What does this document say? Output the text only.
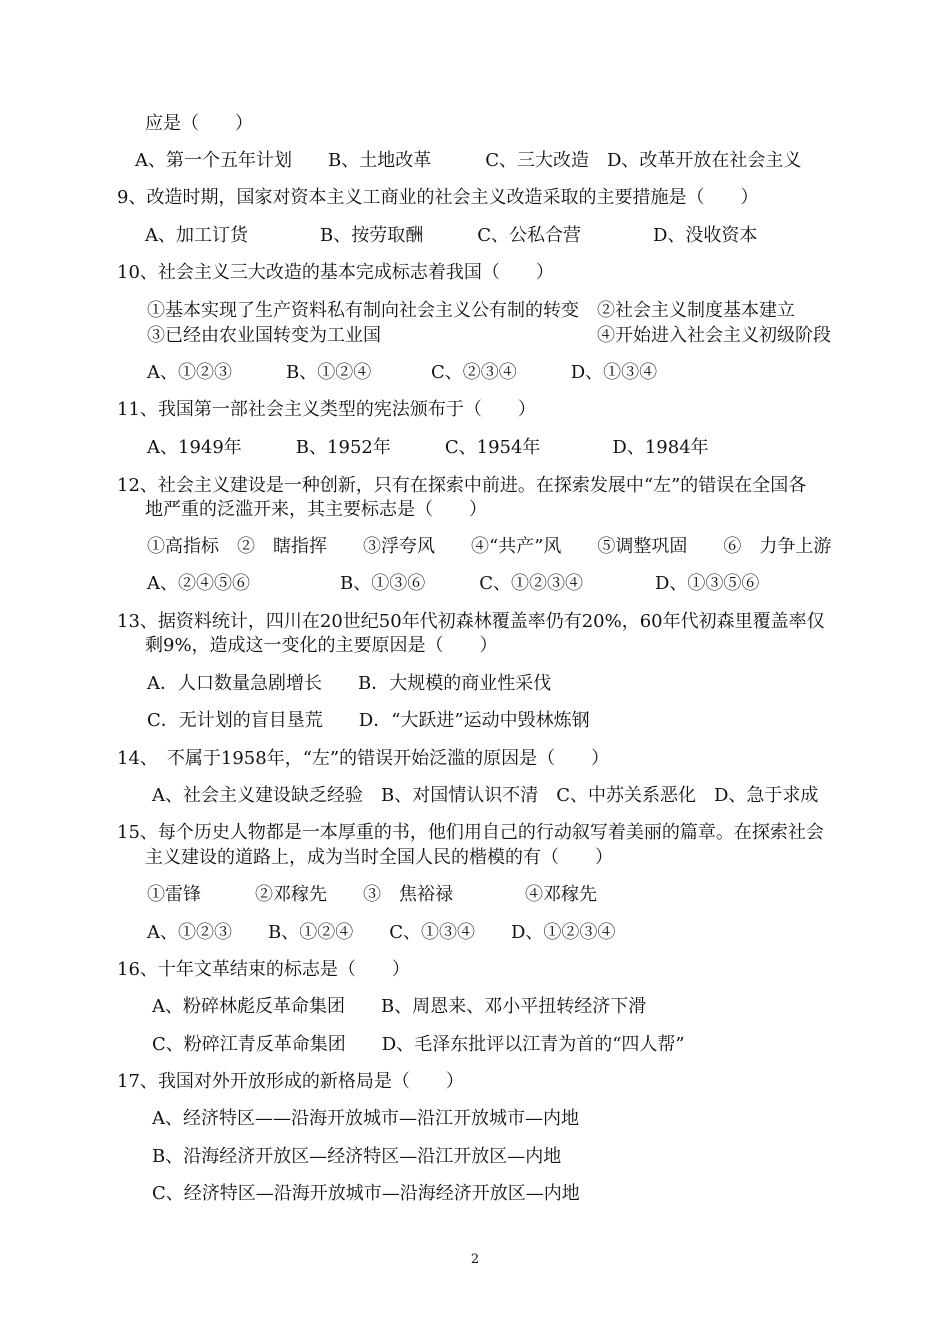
应是（　　）
A、第一个五年计划　　B、土地改革　　　C、三大改造　D、改革开放在社会主义
9、改造时期，国家对资本主义工商业的社会主义改造采取的主要措施是（　　）
A、加工订货　　　　B、按劳取酬　　　C、公私合营　　　　D、没收资本
10、社会主义三大改造的基本完成标志着我国（　　）
①基本实现了生产资料私有制向社会主义公有制的转变　②社会主义制度基本建立
③已经由农业国转变为工业国　　　　　　　　　　　　④开始进入社会主义初级阶段
A、①②③　　　B、①②④　　　 C、②③④　　　D、①③④
11、我国第一部社会主义类型的宪法颁布于（　　）
A、1949年　　　B、1952年　　　C、1954年　　　　D、1984年
12、社会主义建设是一种创新，只有在探索中前进。在探索发展中“左”的错误在全国各
地严重的泛滥开来，其主要标志是（　　）
①高指标　②　瞎指挥　　③浮夸风　　④“共产”风　　⑤调整巩固　　⑥　力争上游
A、②④⑤⑥　　　　　B、①③⑥　　　C、①②③④　　　　D、①③⑤⑥
13、据资料统计，四川在20世纪50年代初森林覆盖率仍有20%，60年代初森里覆盖率仅
剩9%，造成这一变化的主要原因是（　　）
A．人口数量急剧增长　　B．大规模的商业性采伐
C．无计划的盲目垦荒　　D．“大跃进”运动中毁林炼钢
14、　不属于1958年，“左”的错误开始泛滥的原因是（　　）
A、社会主义建设缺乏经验　B、对国情认识不清　C、中苏关系恶化　D、急于求成
15、每个历史人物都是一本厚重的书，他们用自己的行动叙写着美丽的篇章。在探索社会
主义建设的道路上，成为当时全国人民的楷模的有（　　）
①雷锋　　　②邓稼先　　③　焦裕禄　　　　④邓稼先
A、①②③　　B、①②④　　C、①③④　　D、①②③④
16、十年文革结束的标志是（　　）
A、粉碎林彪反革命集团　　B、周恩来、邓小平扭转经济下滑
C、粉碎江青反革命集团　　D、毛泽东批评以江青为首的“四人帮”
17、我国对外开放形成的新格局是（　　）
A、经济特区——沿海开放城市—沿江开放城市—内地
B、沿海经济开放区—经济特区—沿江开放区—内地
C、经济特区—沿海开放城市—沿海经济开放区—内地
2
